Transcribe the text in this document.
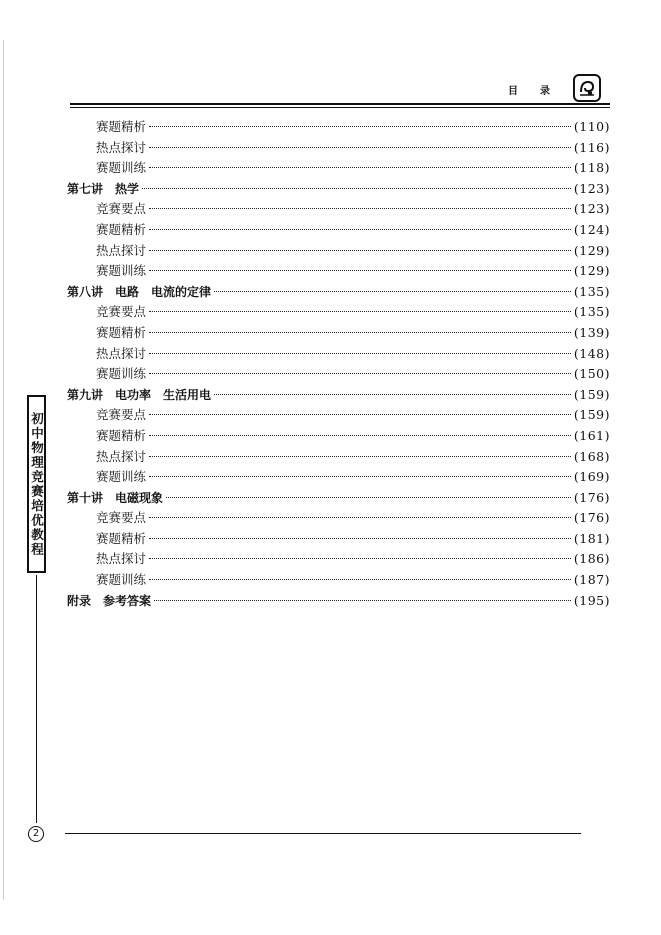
目录
赛题精析	(110)
热点探讨	(116)
赛题训练	(118)
第七讲　热学	(123)
竞赛要点	(123)
赛题精析	(124)
热点探讨	(129)
赛题训练	(129)
第八讲　电路　电流的定律	(135)
竞赛要点	(135)
赛题精析	(139)
热点探讨	(148)
赛题训练	(150)
第九讲　电功率　生活用电	(159)
竞赛要点	(159)
赛题精析	(161)
热点探讨	(168)
赛题训练	(169)
第十讲　电磁现象	(176)
竞赛要点	(176)
赛题精析	(181)
热点探讨	(186)
赛题训练	(187)
附录　参考答案	(195)
初中物理竞赛培优教程
2
